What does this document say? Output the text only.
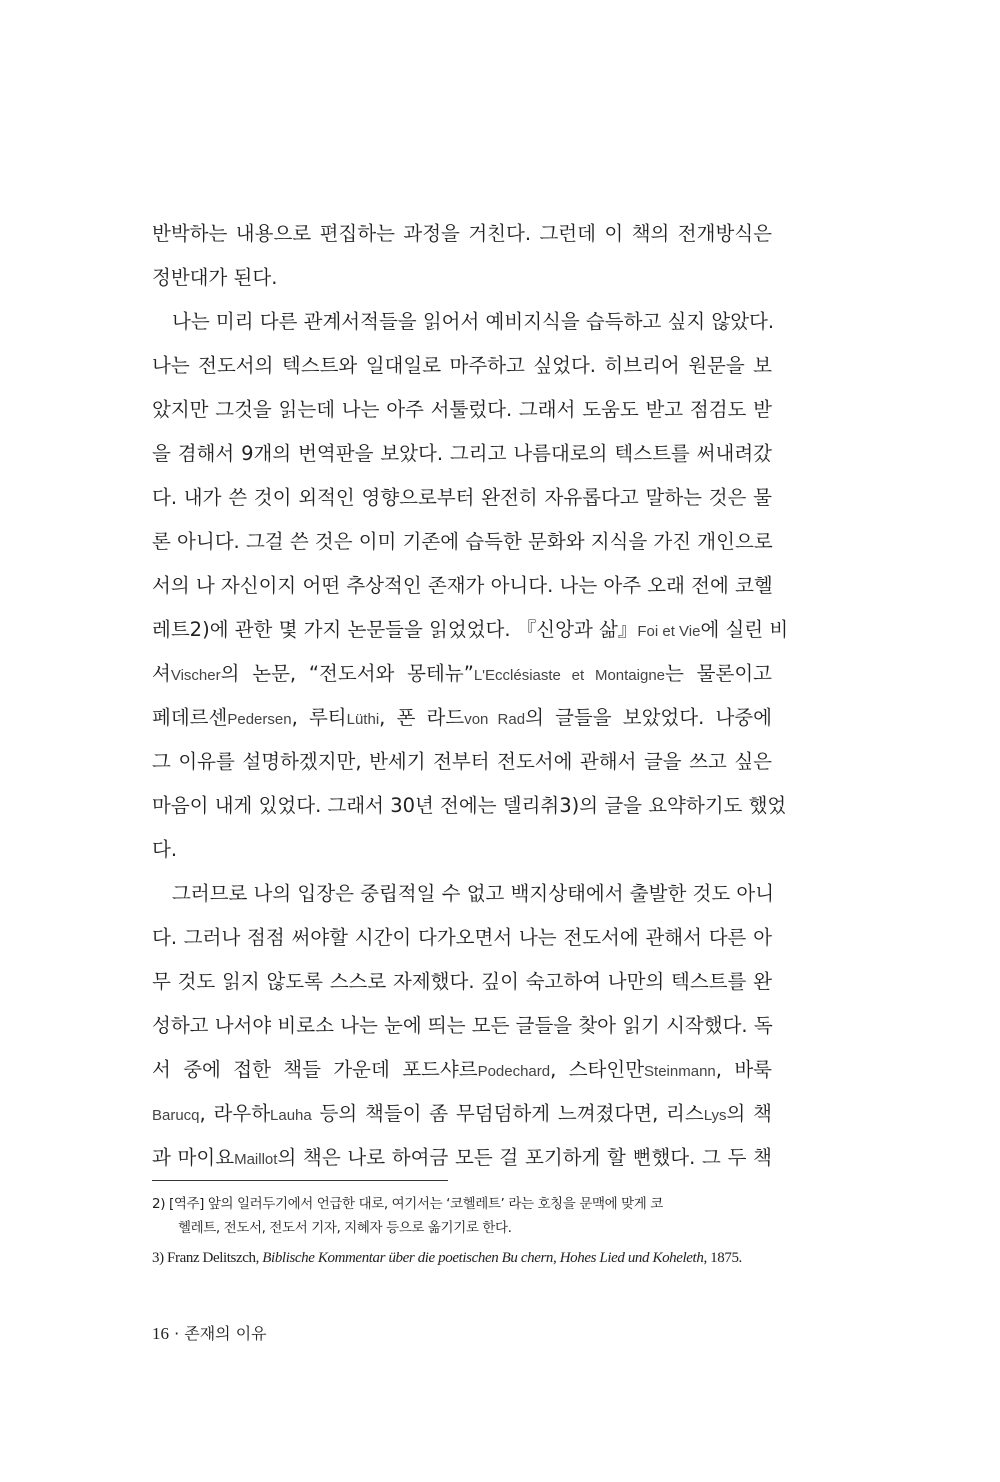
반박하는 내용으로 편집하는 과정을 거친다. 그런데 이 책의 전개방식은

정반대가 된다.

나는 미리 다른 관계서적들을 읽어서 예비지식을 습득하고 싶지 않았다.

나는 전도서의 텍스트와 일대일로 마주하고 싶었다. 히브리어 원문을 보

았지만 그것을 읽는데 나는 아주 서툴렀다. 그래서 도움도 받고 점검도 받

을 겸해서 9개의 번역판을 보았다. 그리고 나름대로의 텍스트를 써내려갔

다. 내가 쓴 것이 외적인 영향으로부터 완전히 자유롭다고 말하는 것은 물

론 아니다. 그걸 쓴 것은 이미 기존에 습득한 문화와 지식을 가진 개인으로

서의 나 자신이지 어떤 추상적인 존재가 아니다. 나는 아주 오래 전에 코헬

레트2)에 관한 몇 가지 논문들을 읽었었다. 『신앙과 삶』Foi et Vie에 실린 비

셔Vischer의 논문, “전도서와 몽테뉴”L'Ecclésiaste et Montaigne는 물론이고

페데르센Pedersen, 루티Lüthi, 폰 라드von Rad의 글들을 보았었다. 나중에

그 이유를 설명하겠지만, 반세기 전부터 전도서에 관해서 글을 쓰고 싶은

마음이 내게 있었다. 그래서 30년 전에는 델리취3)의 글을 요약하기도 했었

다.

그러므로 나의 입장은 중립적일 수 없고 백지상태에서 출발한 것도 아니

다. 그러나 점점 써야할 시간이 다가오면서 나는 전도서에 관해서 다른 아

무 것도 읽지 않도록 스스로 자제했다. 깊이 숙고하여 나만의 텍스트를 완

성하고 나서야 비로소 나는 눈에 띄는 모든 글들을 찾아 읽기 시작했다. 독

서 중에 접한 책들 가운데 포드샤르Podechard, 스타인만Steinmann, 바룩

Barucq, 라우하Lauha 등의 책들이 좀 무덤덤하게 느껴졌다면, 리스Lys의 책

과 마이요Maillot의 책은 나로 하여금 모든 걸 포기하게 할 뻔했다. 그 두 책

2) [역주] 앞의 일러두기에서 언급한 대로, 여기서는 ‘코헬레트’ 라는 호칭을 문맥에 맞게 코

헬레트, 전도서, 전도서 기자, 지혜자 등으로 옮기기로 한다.

3) Franz Delitszch, Biblische Kommentar über die poetischen Bu chern, Hohes Lied und Koheleth, 1875.

16 · 존재의 이유
